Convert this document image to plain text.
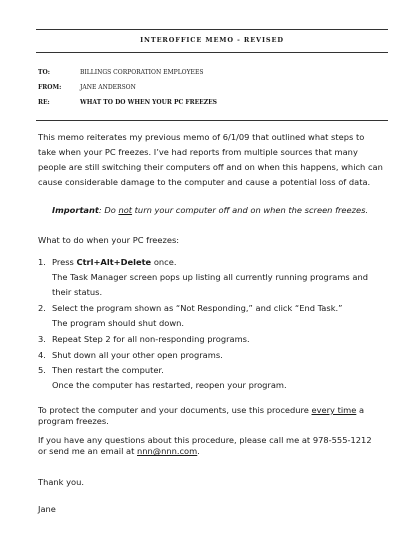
INTEROFFICE MEMO - REVISED
TO:	BILLINGS CORPORATION EMPLOYEES
FROM:	JANE ANDERSON
RE:	WHAT TO DO WHEN YOUR PC FREEZES
This memo reiterates my previous memo of 6/1/09 that outlined what steps to
take when your PC freezes. I’ve had reports from multiple sources that many
people are still switching their computers off and on when this happens, which can
cause considerable damage to the computer and cause a potential loss of data.
Important: Do not turn your computer off and on when the screen freezes.
What to do when your PC freezes:
1. Press Ctrl+Alt+Delete once.
The Task Manager screen pops up listing all currently running programs and
their status.
2. Select the program shown as “Not Responding,” and click “End Task.”
The program should shut down.
3. Repeat Step 2 for all non-responding programs.
4. Shut down all your other open programs.
5. Then restart the computer.
Once the computer has restarted, reopen your program.
To protect the computer and your documents, use this procedure every time a
program freezes.
If you have any questions about this procedure, please call me at 978-555-1212
or send me an email at nnn@nnn.com.
Thank you.
Jane
